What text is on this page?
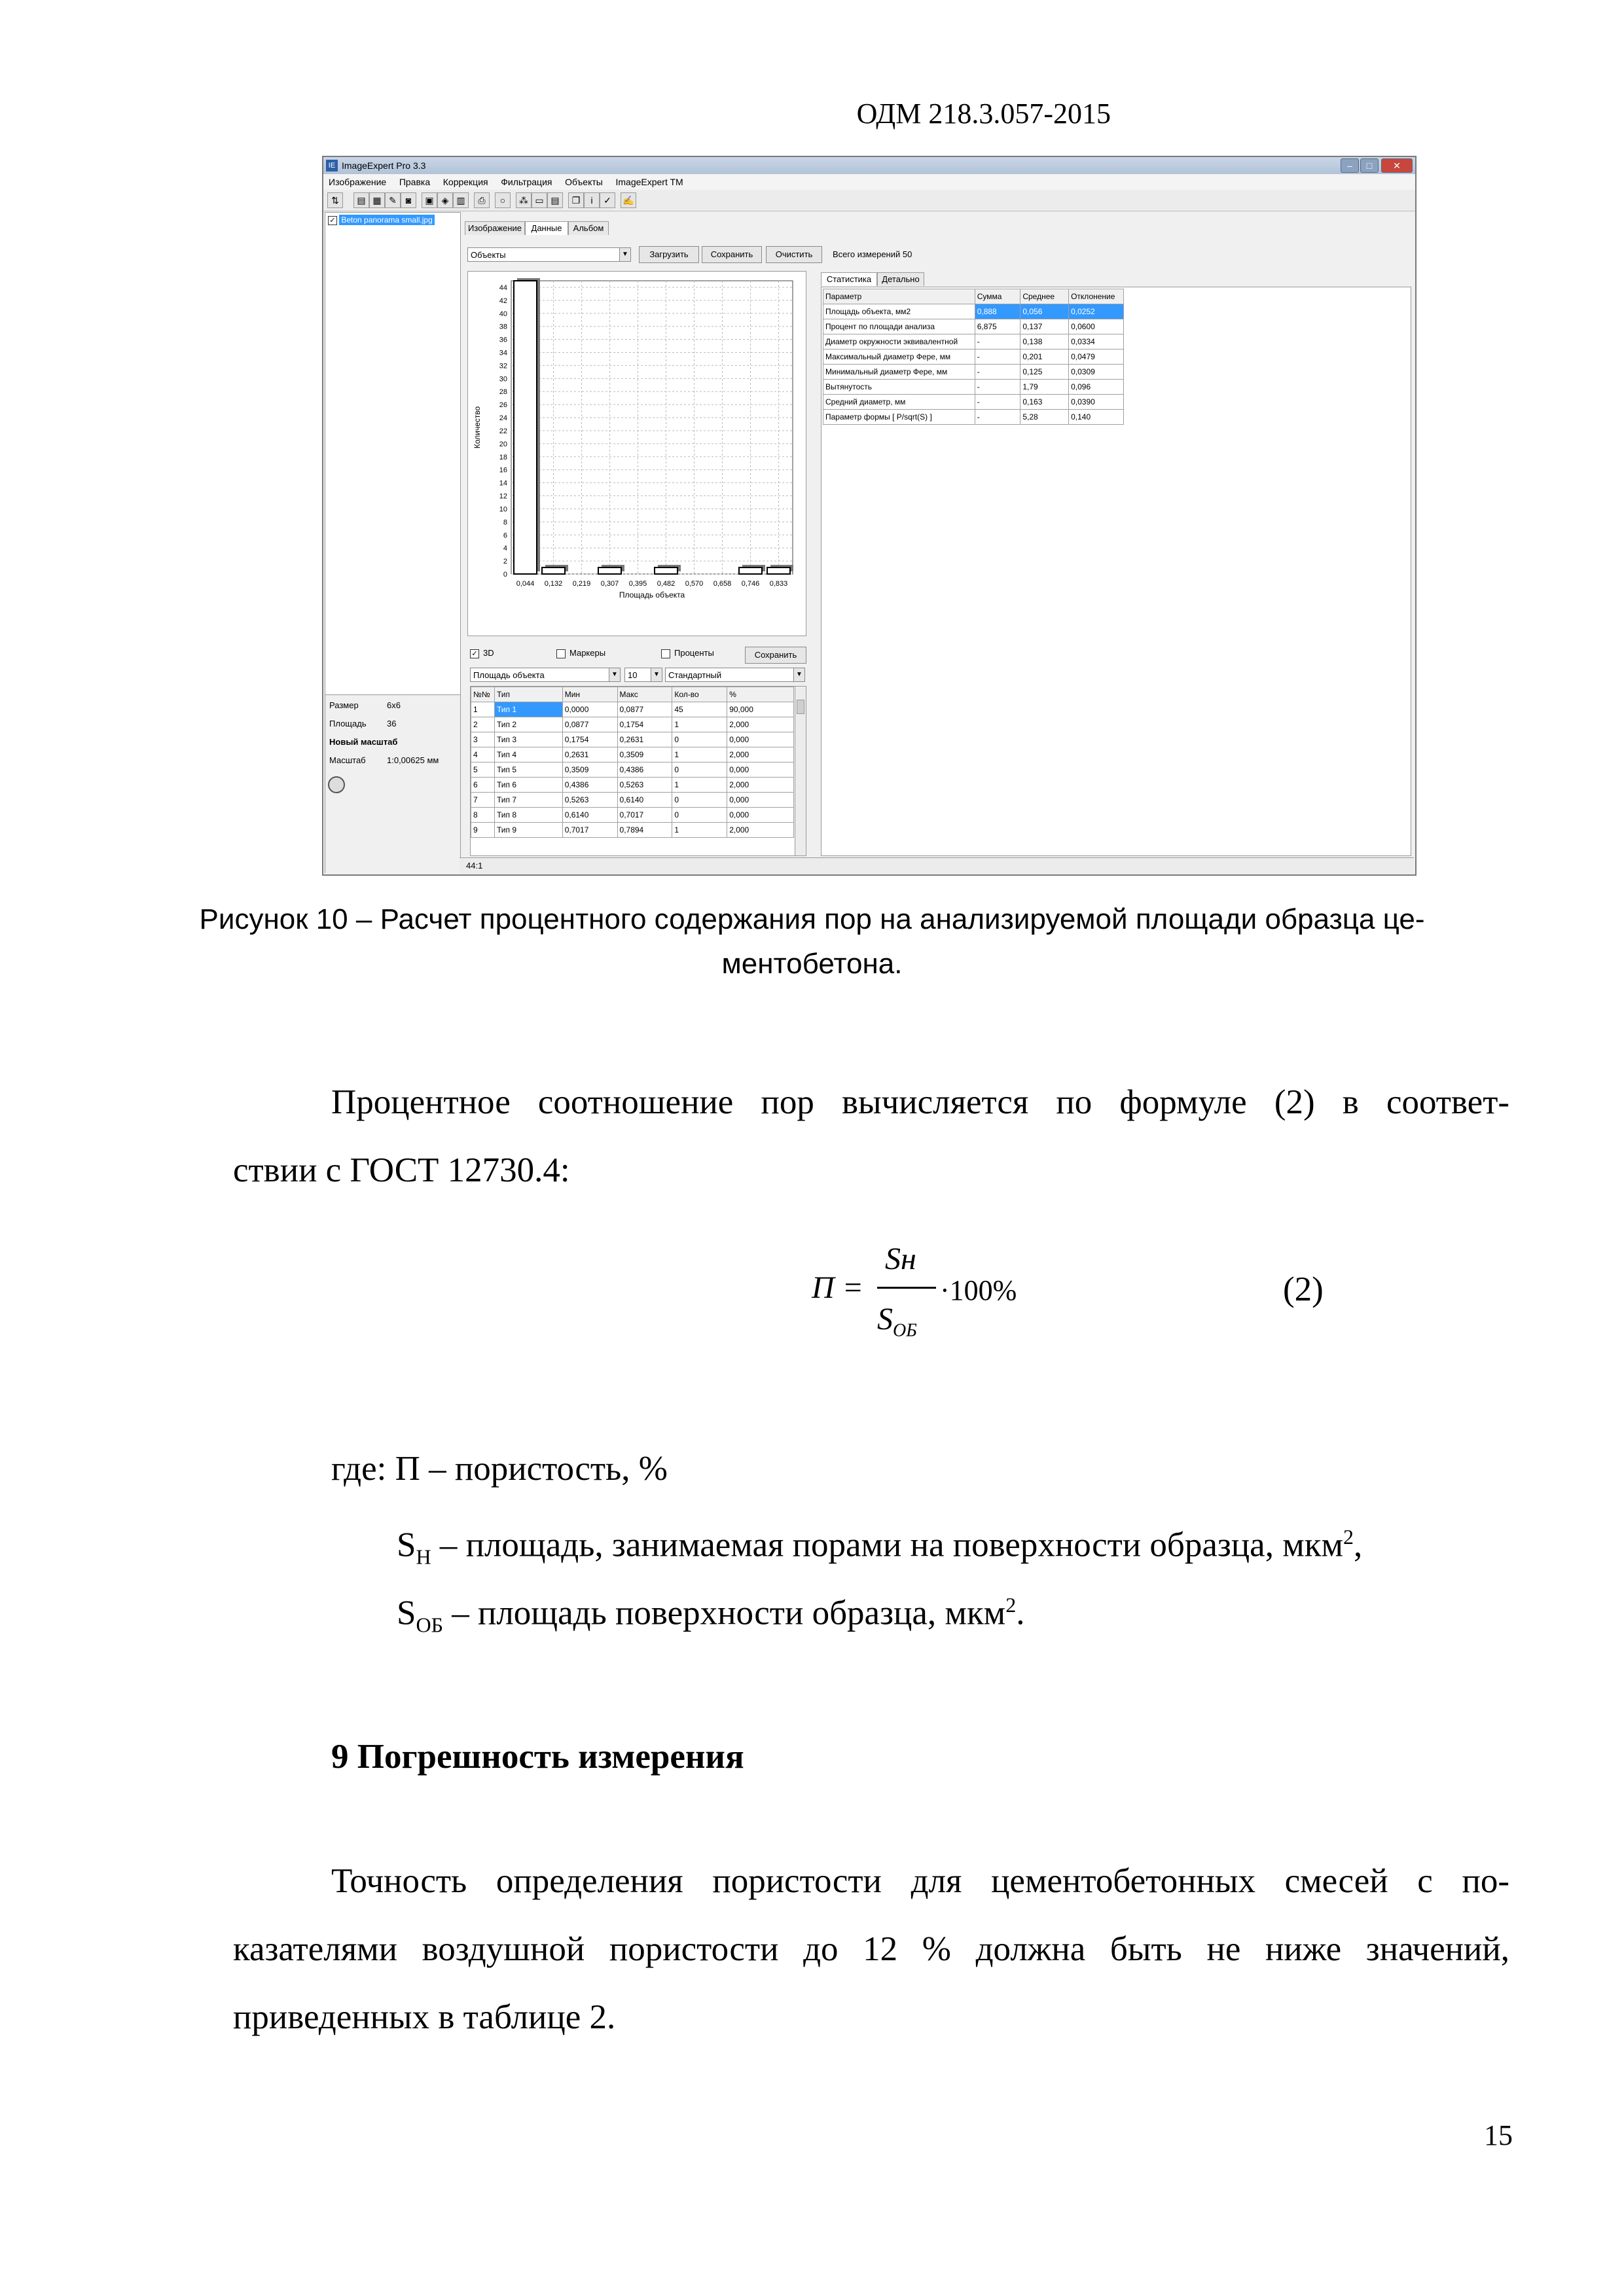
ОДМ 218.3.057-2015
IE ImageExpert Pro 3.3	–	□	✕
Изображение Правка Коррекция Фильтрация Объекты ImageExpert TM
⇅	▤ ▦ ✎ ◙	▣ ◈ ▥	⎙	○	⁂ ▭ ▤	❐	i	✓	✍
✓ Beton panorama small.jpg
Размер	6х6
Площадь 36
Новый масштаб
Масштаб 1:0,00625 мм
Изображение	Данные	Альбом
Объекты	▼	Загрузить	Сохранить	Очистить	Всего измерений 50
0
2
4
6
8
10
12
14
16
18
20
22
24
26
28
30
32
34
36
38
40
42
44
0,044 0,132 0,219 0,307 0,395 0,482 0,570 0,658 0,746 0,833
Площадь объекта
Количество
Статистика	Детально
Параметр	Сумма	Среднее	Отклонение
Площадь объекта, мм2	0,888	0,056	0,0252
Процент по площади анализа	6,875	0,137	0,0600
Диаметр окружности эквивалентной	-	0,138	0,0334
Максимальный диаметр Фере, мм	-	0,201	0,0479
Минимальный диаметр Фере, мм	-	0,125	0,0309
Вытянутость	-	1,79	0,096
Средний диаметр, мм	-	0,163	0,0390
Параметр формы [ P/sqrt(S) ]	-	5,28	0,140
✓ 3D	Маркеры	Проценты	Сохранить
Площадь объекта	▼	10	▼	Стандартный	▼
№№	Тип	Мин	Макс	Кол-во	%
1	Тип 1	0,0000	0,0877	45	90,000
2	Тип 2	0,0877	0,1754	1	2,000
3	Тип 3	0,1754	0,2631	0	0,000
4	Тип 4	0,2631	0,3509	1	2,000
5	Тип 5	0,3509	0,4386	0	0,000
6	Тип 6	0,4386	0,5263	1	2,000
7	Тип 7	0,5263	0,6140	0	0,000
8	Тип 8	0,6140	0,7017	0	0,000
9	Тип 9	0,7017	0,7894	1	2,000
44:1
Рисунок 10 – Расчет процентного содержания пор на анализируемой площади образца це-
ментобетона.
Процентное соотношение пор вычисляется по формуле (2) в соответ-
ствии с ГОСТ 12730.4:
П =
Sн
$S_{ОБ}$
·100%	(2)
где: П – пористость, %
$S_Н$ – площадь, занимаемая порами на поверхности образца, мкм$^2$,
$S_{ОБ}$ – площадь поверхности образца, мкм$^2$.
9 Погрешность измерения
Точность определения пористости для цементобетонных смесей с по-
казателями воздушной пористости до 12 % должна быть не ниже значений,
приведенных в таблице 2.
15
